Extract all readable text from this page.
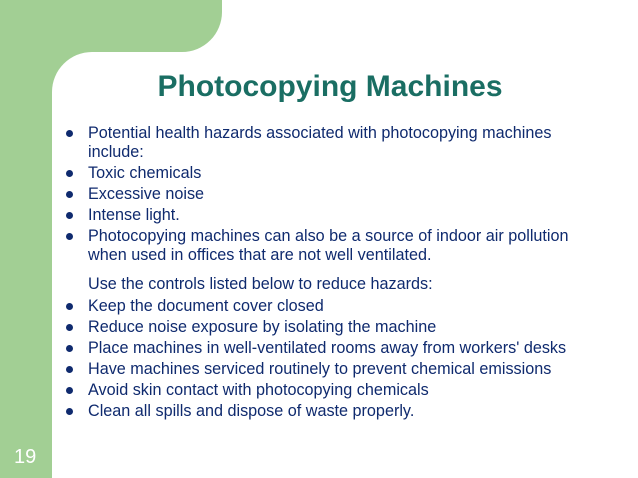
Photocopying Machines
Potential health hazards associated with photocopying machines include:
Toxic chemicals
Excessive noise
Intense light.
Photocopying machines can also be a source of indoor air pollution when used in offices that are not well ventilated.
Use the controls listed below to reduce hazards:
Keep the document cover closed
Reduce noise exposure by isolating the machine
Place machines in well-ventilated rooms away from workers' desks
Have machines serviced routinely to prevent chemical emissions
Avoid skin contact with photocopying chemicals
Clean all spills and dispose of waste properly.
19
